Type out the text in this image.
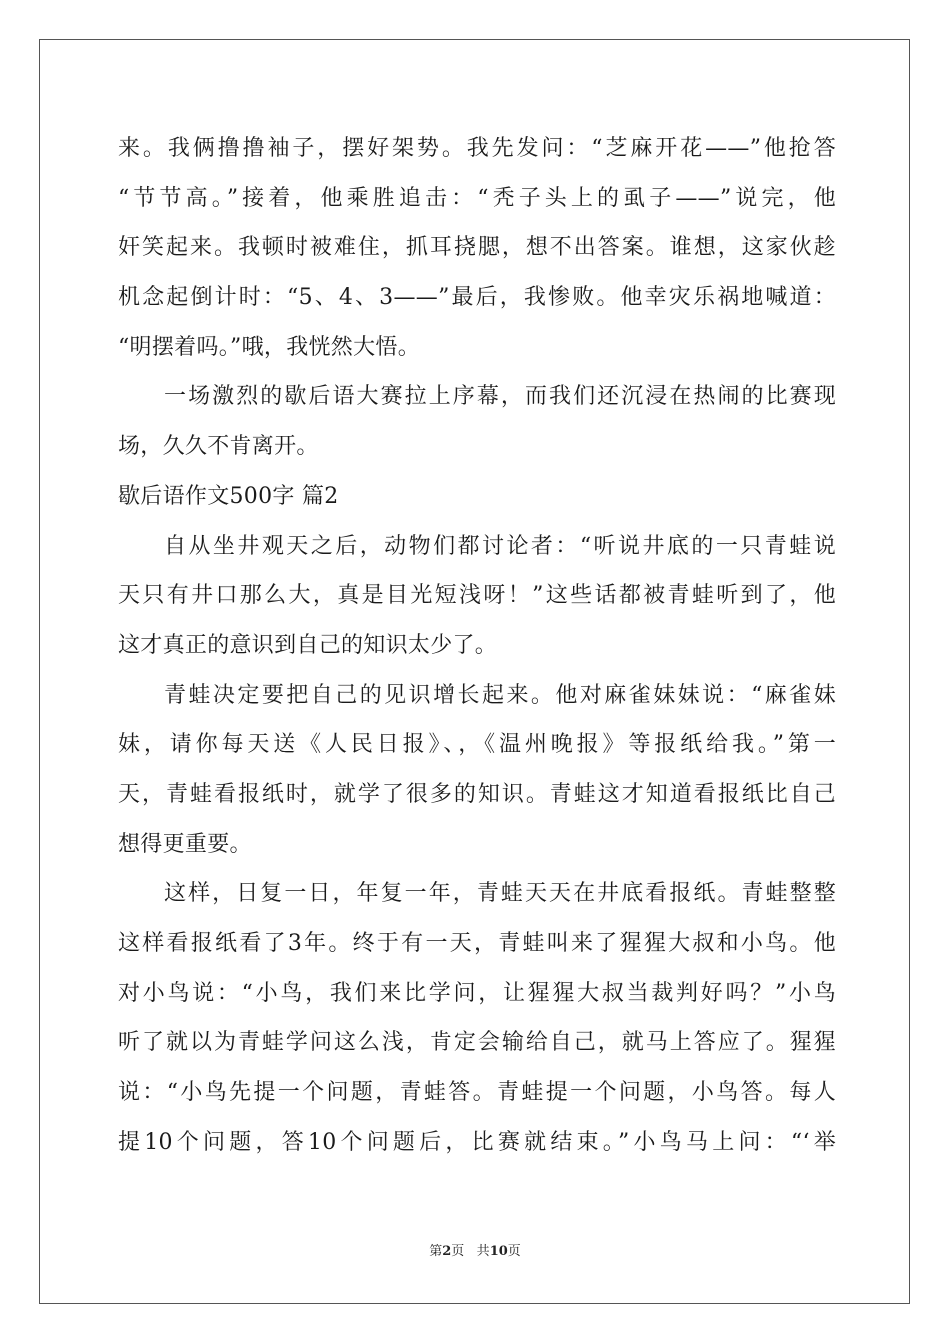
来。我俩撸撸袖子，摆好架势。我先发问：“芝麻开花——”他抢答
“节节高。”接着，他乘胜追击：“秃子头上的虱子——”说完，他
奸笑起来。我顿时被难住，抓耳挠腮，想不出答案。谁想，这家伙趁
机念起倒计时：“5、4、3——”最后，我惨败。他幸灾乐祸地喊道：
“明摆着吗。”哦，我恍然大悟。
一场激烈的歇后语大赛拉上序幕，而我们还沉浸在热闹的比赛现
场，久久不肯离开。
歇后语作文500字 篇2
自从坐井观天之后，动物们都讨论者：“听说井底的一只青蛙说
天只有井口那么大，真是目光短浅呀！”这些话都被青蛙听到了，他
这才真正的意识到自己的知识太少了。
青蛙决定要把自己的见识增长起来。他对麻雀妹妹说：“麻雀妹
妹，请你每天送《人民日报》、，《温州晚报》等报纸给我。”第一
天，青蛙看报纸时，就学了很多的知识。青蛙这才知道看报纸比自己
想得更重要。
这样，日复一日，年复一年，青蛙天天在井底看报纸。青蛙整整
这样看报纸看了3年。终于有一天，青蛙叫来了猩猩大叔和小鸟。他
对小鸟说：“小鸟，我们来比学问，让猩猩大叔当裁判好吗？”小鸟
听了就以为青蛙学问这么浅，肯定会输给自己，就马上答应了。猩猩
说：“小鸟先提一个问题，青蛙答。青蛙提一个问题，小鸟答。每人
提10个问题，答10个问题后，比赛就结束。”小鸟马上问：“‘举
第2页 共10页
